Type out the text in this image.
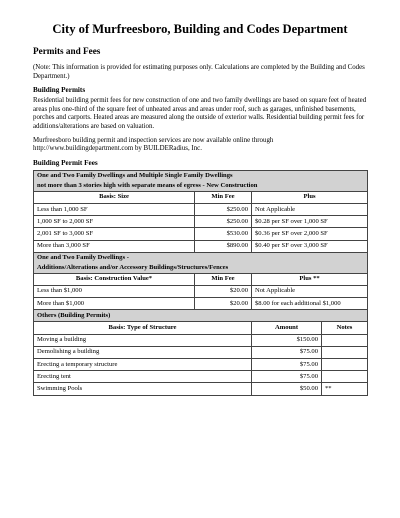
City of Murfreesboro, Building and Codes Department
Permits and Fees
(Note: This information is provided for estimating purposes only. Calculations are completed by the Building and Codes Department.)
Building Permits
Residential building permit fees for new construction of one and two family dwellings are based on square feet of heated areas plus one-third of the square feet of unheated areas and areas under roof, such as garages, unfinished basements, porches and carports. Heated areas are measured along the outside of exterior walls. Residential building permit fees for additions/alterations are based on valuation.
Murfreesboro building permit and inspection services are now available online through http://www.buildingdepartment.com by BUILDERadius, Inc.
Building Permit Fees
One and Two Family Dwellings and Multiple Single Family Dwellings
not more than 3 stories high with separate means of egress - New Construction			

Basis: Size	Min Fee	Plus	
Less than 1,000 SF	$250.00	Not Applicable	
1,000 SF to 2,000 SF	$250.00	$0.28 per SF over 1,000 SF	
2,001 SF to 3,000 SF	$530.00	$0.36 per SF over 2,000 SF	
More than 3,000 SF	$890.00	$0.40 per SF over 3,000 SF	

One and Two Family Dwellings -
Additions/Alterations and/or Accessory Buildings/Structures/Fences			

Basis: Construction Value*	Min Fee	Plus **	
Less than $1,000	$20.00	Not Applicable	
More than $1,000	$20.00	$8.00 for each additional $1,000	
Others (Building Permits)			
Basis: Type of Structure		Amount	Notes
Moving a building		$150.00	
Demolishing a building		$75.00	
Erecting a temporary structure		$75.00	
Erecting tent		$75.00	
Swimming Pools		$50.00	**
